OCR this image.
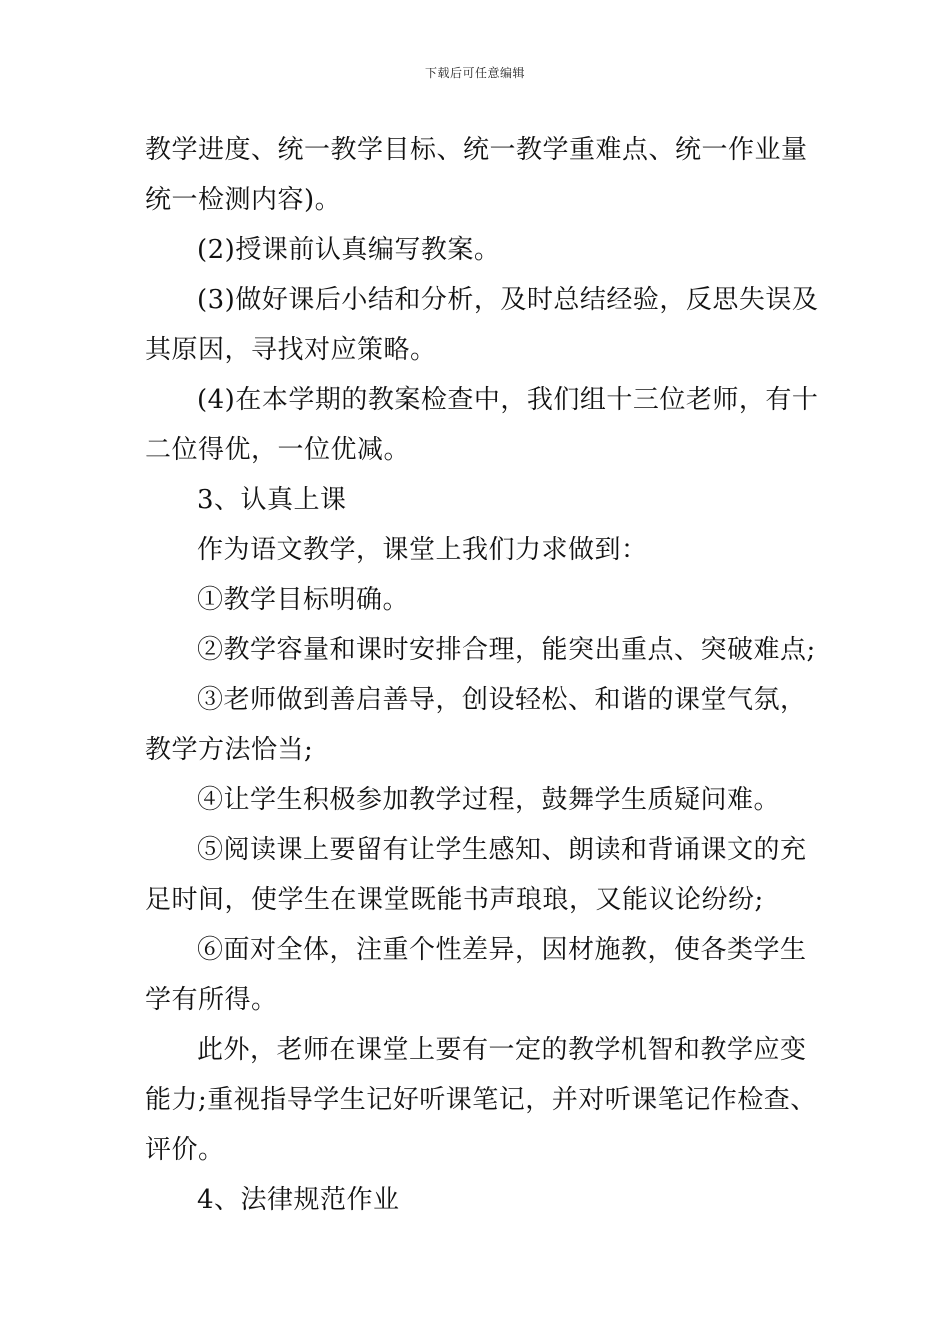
下载后可任意编辑

教学进度、统一教学目标、统一教学重难点、统一作业量

统一检测内容)。

(2)授课前认真编写教案。

(3)做好课后小结和分析，及时总结经验，反思失误及

其原因，寻找对应策略。

(4)在本学期的教案检查中，我们组十三位老师，有十

二位得优，一位优减。

3、认真上课

作为语文教学，课堂上我们力求做到：

①教学目标明确。

②教学容量和课时安排合理，能突出重点、突破难点;

③老师做到善启善导，创设轻松、和谐的课堂气氛，

教学方法恰当;

④让学生积极参加教学过程，鼓舞学生质疑问难。

⑤阅读课上要留有让学生感知、朗读和背诵课文的充

足时间，使学生在课堂既能书声琅琅，又能议论纷纷;

⑥面对全体，注重个性差异，因材施教，使各类学生

学有所得。

此外，老师在课堂上要有一定的教学机智和教学应变

能力;重视指导学生记好听课笔记，并对听课笔记作检查、

评价。

4、法律规范作业
